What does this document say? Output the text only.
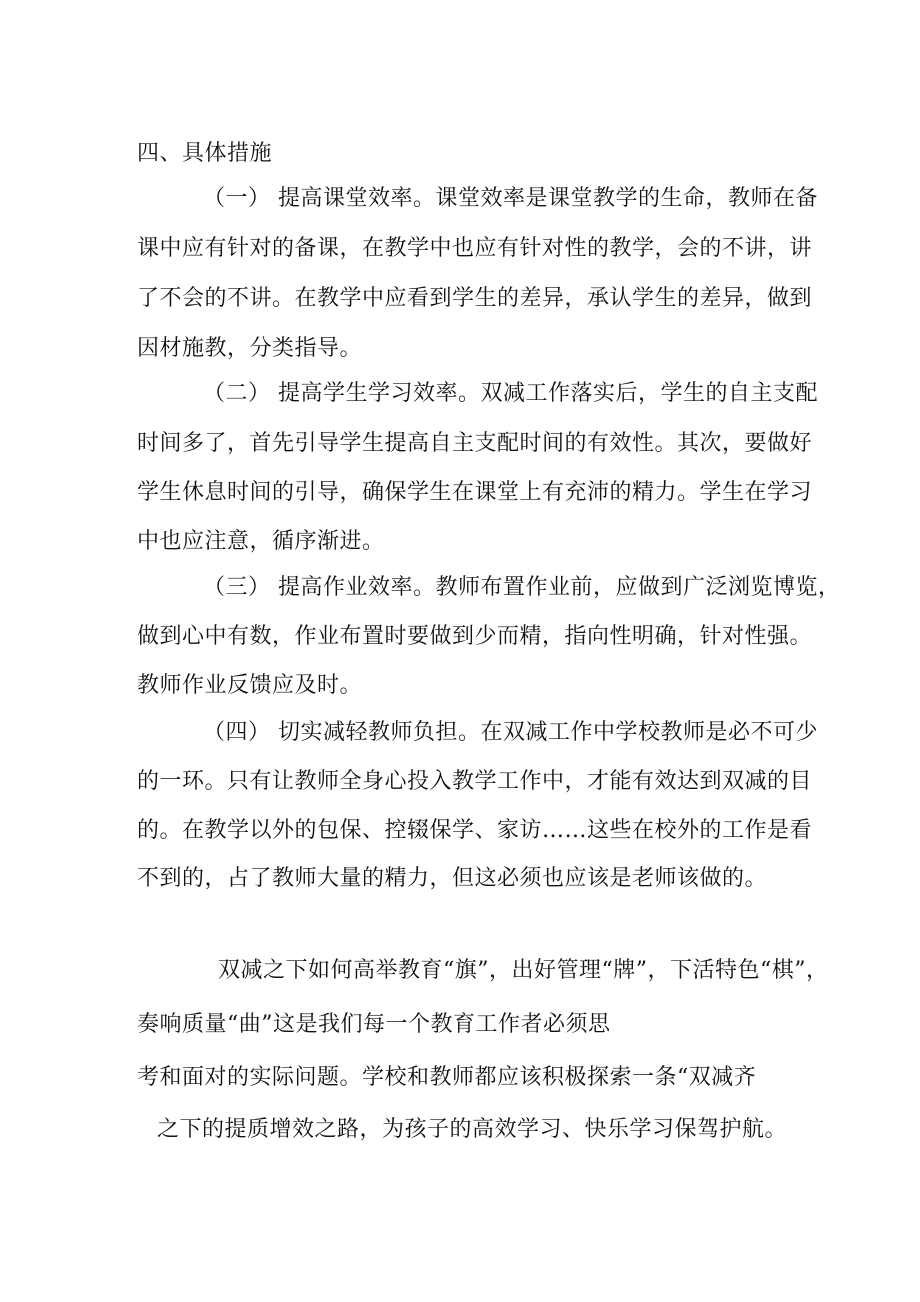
四、具体措施
（一） 提高课堂效率。课堂效率是课堂教学的生命，教师在备
课中应有针对的备课，在教学中也应有针对性的教学，会的不讲，讲
了不会的不讲。在教学中应看到学生的差异，承认学生的差异，做到
因材施教，分类指导。
（二） 提高学生学习效率。双减工作落实后，学生的自主支配
时间多了，首先引导学生提高自主支配时间的有效性。其次，要做好
学生休息时间的引导，确保学生在课堂上有充沛的精力。学生在学习
中也应注意，循序渐进。
（三） 提高作业效率。教师布置作业前，应做到广泛浏览博览，
做到心中有数，作业布置时要做到少而精，指向性明确，针对性强。
教师作业反馈应及时。
（四） 切实减轻教师负担。在双减工作中学校教师是必不可少
的一环。只有让教师全身心投入教学工作中，才能有效达到双减的目
的。在教学以外的包保、控辍保学、家访……这些在校外的工作是看
不到的，占了教师大量的精力，但这必须也应该是老师该做的。
双减之下如何高举教育“旗”，出好管理“牌”，下活特色“棋”，
奏响质量“曲”这是我们每一个教育工作者必须思
考和面对的实际问题。学校和教师都应该积极探索一条“双减齐
之下的提质增效之路，为孩子的高效学习、快乐学习保驾护航。
